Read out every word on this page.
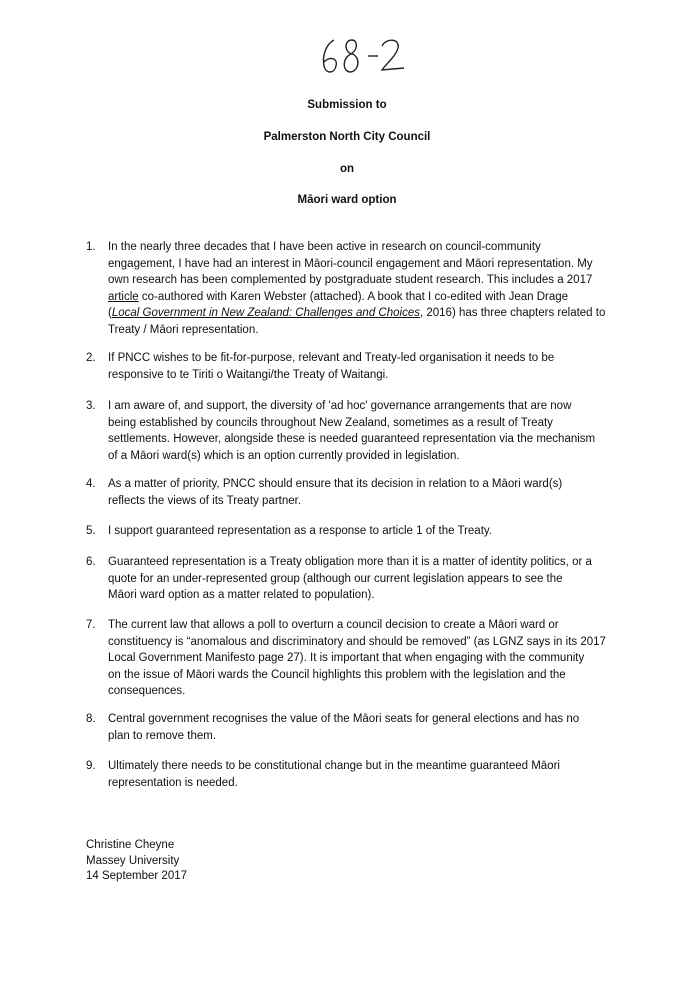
Submission to
Palmerston North City Council
on
Māori ward option
1.	In the nearly three decades that I have been active in research on council-community
engagement, I have had an interest in Māori-council engagement and Māori representation. My
own research has been complemented by postgraduate student research. This includes a 2017
article co-authored with Karen Webster (attached). A book that I co-edited with Jean Drage
(Local Government in New Zealand: Challenges and Choices, 2016) has three chapters related to
Treaty / Māori representation.
2.	If PNCC wishes to be fit-for-purpose, relevant and Treaty-led organisation it needs to be
responsive to te Tiriti o Waitangi/the Treaty of Waitangi.
3.	I am aware of, and support, the diversity of 'ad hoc' governance arrangements that are now
being established by councils throughout New Zealand, sometimes as a result of Treaty
settlements. However, alongside these is needed guaranteed representation via the mechanism
of a Māori ward(s) which is an option currently provided in legislation.
4.	As a matter of priority, PNCC should ensure that its decision in relation to a Māori ward(s)
reflects the views of its Treaty partner.
5.	I support guaranteed representation as a response to article 1 of the Treaty.
6.	Guaranteed representation is a Treaty obligation more than it is a matter of identity politics, or a
quote for an under-represented group (although our current legislation appears to see the
Māori ward option as a matter related to population).
7.	The current law that allows a poll to overturn a council decision to create a Māori ward or
constituency is “anomalous and discriminatory and should be removed” (as LGNZ says in its 2017
Local Government Manifesto page 27). It is important that when engaging with the community
on the issue of Māori wards the Council highlights this problem with the legislation and the
consequences.
8.	Central government recognises the value of the Māori seats for general elections and has no
plan to remove them.
9.	Ultimately there needs to be constitutional change but in the meantime guaranteed Māori
representation is needed.
Christine Cheyne
Massey University
14 September 2017
